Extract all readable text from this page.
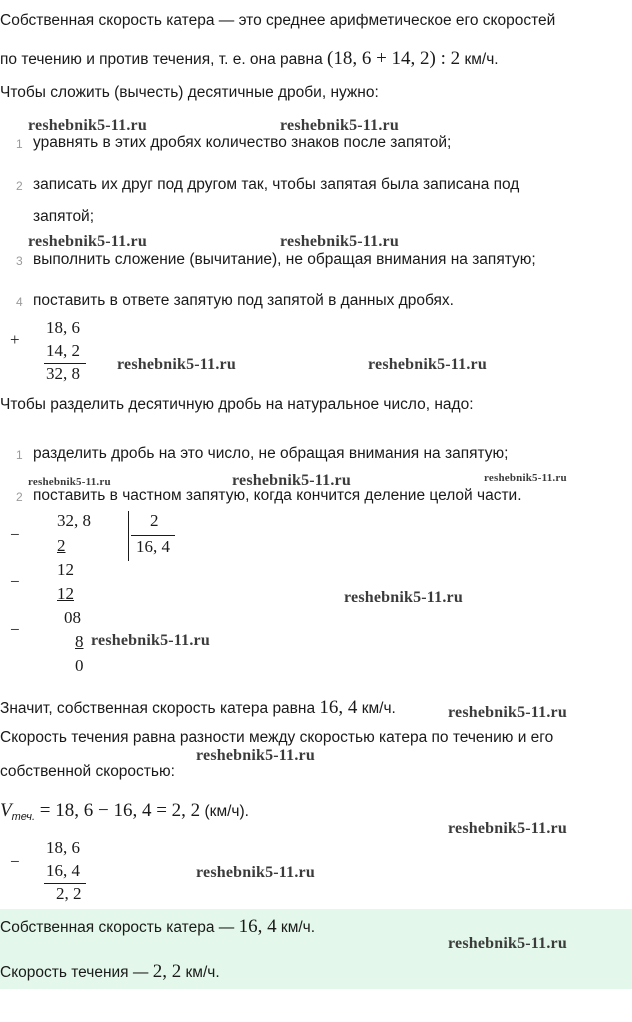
Собственная скорость катера — это среднее арифметическое его скоростей
по течению и против течения, т. е. она равна (18, 6 + 14, 2) : 2 км/ч.
Чтобы сложить (вычесть) десятичные дроби, нужно:
reshebnik5-11.ru	reshebnik5-11.ru
1 уравнять в этих дробях количество знаков после запятой;
2 записать их друг под другом так, чтобы запятая была записана под
запятой;
reshebnik5-11.ru	reshebnik5-11.ru
3 выполнить сложение (вычитание), не обращая внимания на запятую;
4 поставить в ответе запятую под запятой в данных дробях.
+
18, 6
14, 2
32, 8 reshebnik5-11.ru	reshebnik5-11.ru
Чтобы разделить десятичную дробь на натуральное число, надо:
1 разделить дробь на это число, не обращая внимания на запятую;
reshebnik5-11.ru	reshebnik5-11.ru	reshebnik5-11.ru
2 поставить в частном запятую, когда кончится деление целой части.
−
32, 8
2
2
16, 4
−
12
12	reshebnik5-11.ru
−
08
8 reshebnik5-11.ru
0
Значит, собственная скорость катера равна 16, 4 км/ч.	reshebnik5-11.ru
Скорость течения равна разности между скоростью катера по течению и его
reshebnik5-11.ru
собственной скоростью:
$V_{теч.} = 18$, 6 − 16, 4 = 2, 2 (км/ч).
reshebnik5-11.ru
−
18, 6
16, 4
2, 2
reshebnik5-11.ru
Собственная скорость катера — 16, 4 км/ч.
reshebnik5-11.ru
Скорость течения — 2, 2 км/ч.
